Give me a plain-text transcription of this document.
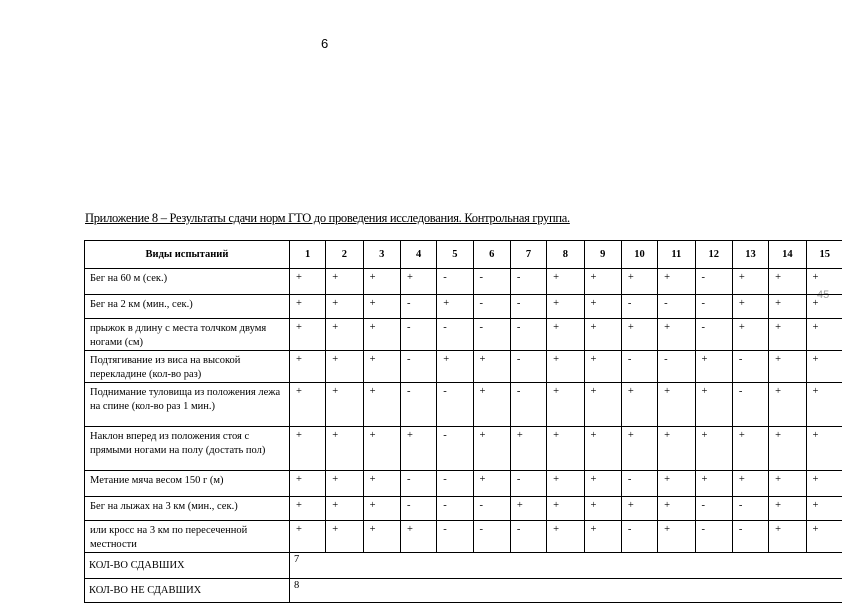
6
45
Приложение 8 – Результаты сдачи норм ГТО до проведения исследования. Контрольная группа.
Виды испытаний	1	2	3	4	5	6	7	8	9	10	11	12	13	14	15
Бег на 60 м (сек.)	+	+	+	+	-	-	-	+	+	+	+	-	+	+	+
Бег на 2 км (мин., сек.)	+	+	+	-	+	-	-	+	+	-	-	-	+	+	+
прыжок в длину с места толчком двумя ногами (см)	+	+	+	-	-	-	-	+	+	+	+	-	+	+	+
Подтягивание из виса на высокой перекладине (кол-во раз)	+	+	+	-	+	+	-	+	+	-	-	+	-	+	+
Поднимание туловища из положения лежа на спине (кол-во раз 1 мин.)	+	+	+	-	-	+	-	+	+	+	+	+	-	+	+
Наклон вперед из положения стоя с прямыми ногами на полу (достать пол)	+	+	+	+	-	+	+	+	+	+	+	+	+	+	+
Метание мяча весом 150 г (м)	+	+	+	-	-	+	-	+	+	-	+	+	+	+	+
Бег на лыжах на 3 км (мин., сек.)	+	+	+	-	-	-	+	+	+	+	+	-	-	+	+
или кросс на 3 км по пересеченной местности	+	+	+	+	-	-	-	+	+	-	+	-	-	+	+
КОЛ-ВО СДАВШИХ	7														
КОЛ-ВО НЕ СДАВШИХ	8														
